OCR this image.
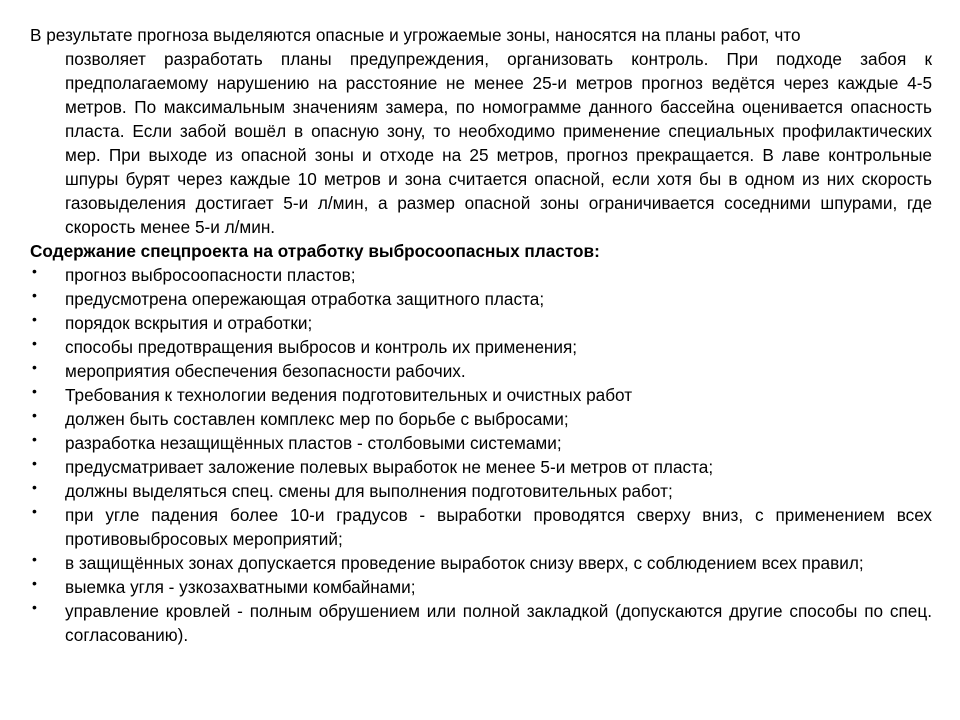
В результате прогноза выделяются опасные и угрожаемые зоны, наносятся на планы работ, что
позволяет разработать планы предупреждения, организовать контроль. При подходе забоя к предполагаемому нарушению на расстояние не менее 25-и метров прогноз ведётся через каждые 4-5 метров. По максимальным значениям замера, по номограмме данного бассейна оценивается опасность пласта. Если забой вошёл в опасную зону, то необходимо применение специальных профилактических мер. При выходе из опасной зоны и отходе на 25 метров, прогноз прекращается. В лаве контрольные шпуры бурят через каждые 10 метров и зона считается опасной, если хотя бы в одном из них скорость газовыделения достигает 5-и л/мин, а размер опасной зоны ограничивается соседними шпурами, где скорость менее 5-и л/мин.

Содержание спецпроекта на отработку выбросоопасных пластов:

• прогноз выбросоопасности пластов;
• предусмотрена опережающая отработка защитного пласта;
• порядок вскрытия и отработки;
• способы предотвращения выбросов и контроль их применения;
• мероприятия обеспечения безопасности рабочих.
• Требования к технологии ведения подготовительных и очистных работ
• должен быть составлен комплекс мер по борьбе с выбросами;
• разработка незащищённых пластов - столбовыми системами;
• предусматривает заложение полевых выработок не менее 5-и метров от пласта;
• должны выделяться спец. смены для выполнения подготовительных работ;
• при угле падения более 10-и градусов - выработки проводятся сверху вниз, с применением всех противовыбросовых мероприятий;
• в защищённых зонах допускается проведение выработок снизу вверх, с соблюдением всех правил;
• выемка угля - узкозахватными комбайнами;
• управление кровлей - полным обрушением или полной закладкой (допускаются другие способы по спец. согласованию).
